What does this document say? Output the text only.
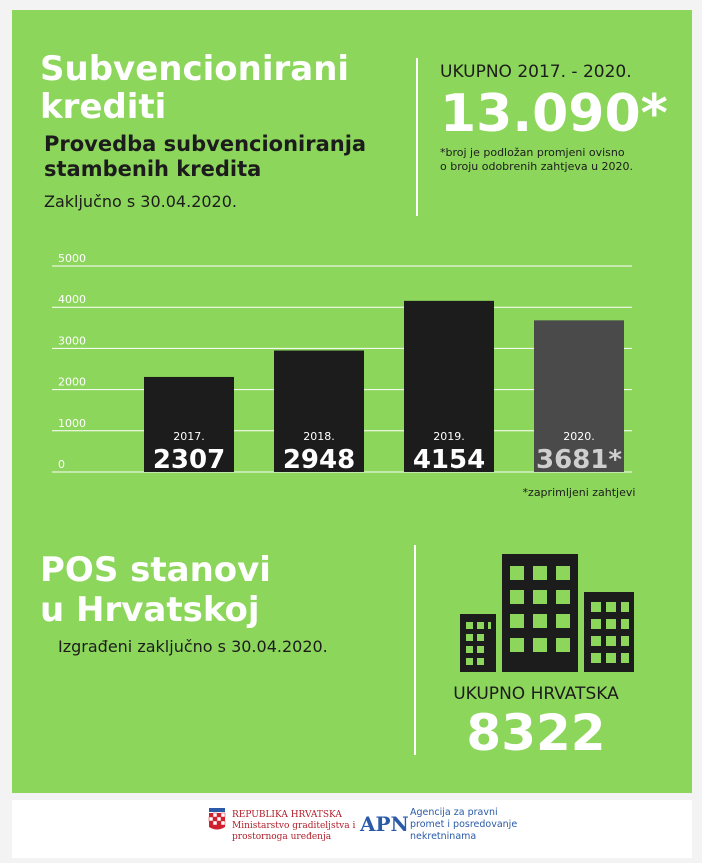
Subvencionirani
krediti
Provedba subvencioniranja
stambenih kredita
Zaključno s 30.04.2020.
UKUPNO 2017. - 2020.
13.090*
*broj je podložan promjeni ovisno
o broju odobrenih zahtjeva u 2020.
0
1000
2000
3000
4000
5000
2017.
2307
2018.
2948
2019.
4154
2020.
3681*
*zaprimljeni zahtjevi
POS stanovi
u Hrvatskoj
Izgrađeni zaključno s 30.04.2020.
UKUPNO HRVATSKA
8322
REPUBLIKA HRVATSKA
Ministarstvo graditeljstva i
prostornoga uređenja
APN Agencija za pravni
promet i posredovanje
nekretninama
